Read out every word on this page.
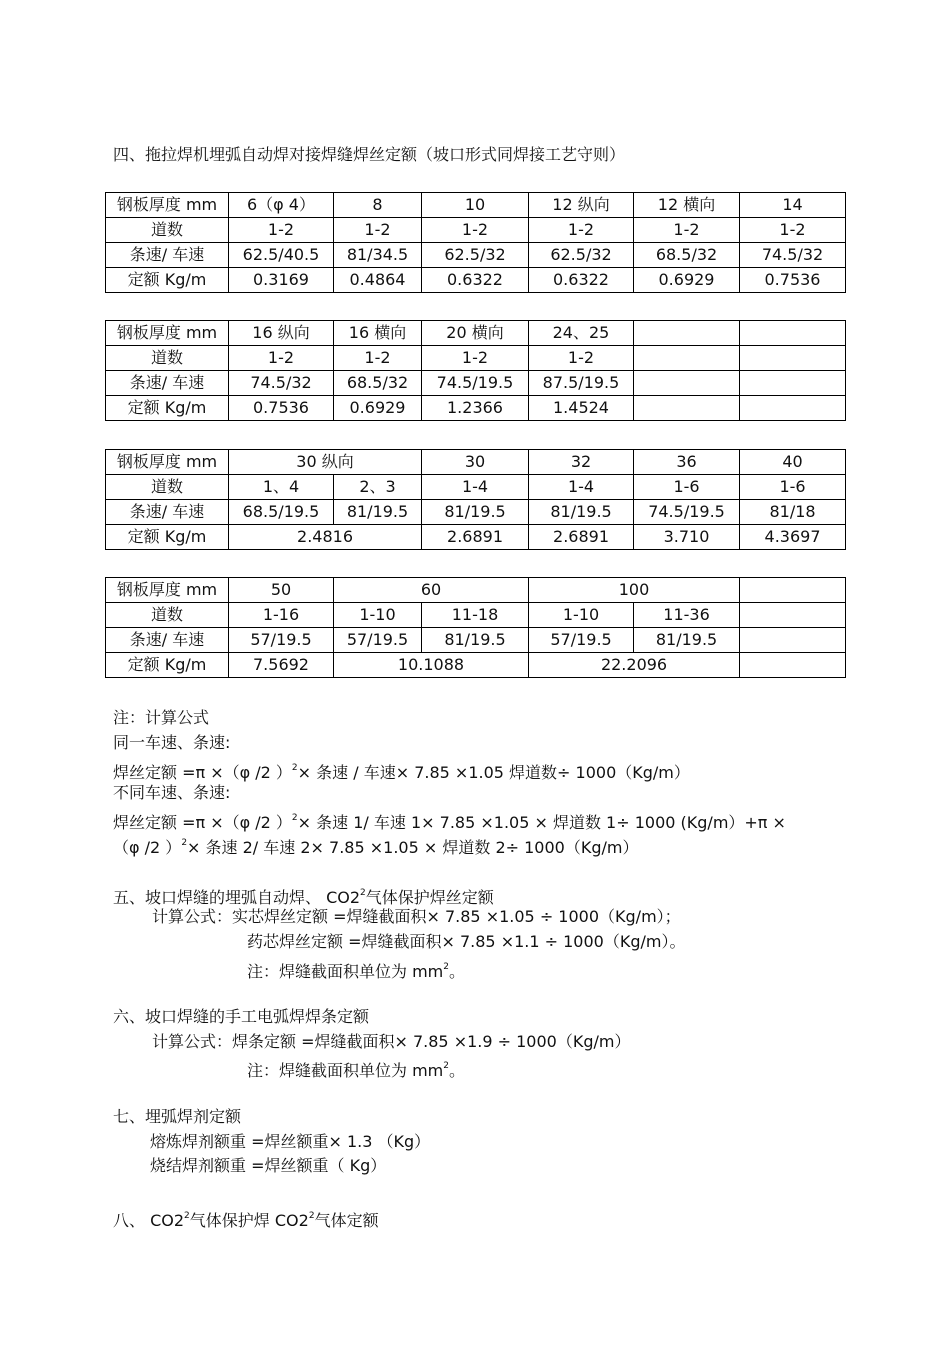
四、拖拉焊机埋弧自动焊对接焊缝焊丝定额（坡口形式同焊接工艺守则）
钢板厚度 mm	6（φ 4）	8	10	12 纵向	12 横向	14
道数	1-2	1-2	1-2	1-2	1-2	1-2
条速/ 车速	62.5/40.5	81/34.5	62.5/32	62.5/32	68.5/32	74.5/32
定额 Kg/m	0.3169	0.4864	0.6322	0.6322	0.6929	0.7536
钢板厚度 mm	16 纵向	16 横向	20 横向	24、25		
道数	1-2	1-2	1-2	1-2		
条速/ 车速	74.5/32	68.5/32	74.5/19.5	87.5/19.5		
定额 Kg/m	0.7536	0.6929	1.2366	1.4524		
钢板厚度 mm	30 纵向		30	32	36	40
道数	1、4	2、3	1-4	1-4	1-6	1-6
条速/ 车速	68.5/19.5	81/19.5	81/19.5	81/19.5	74.5/19.5	81/18
定额 Kg/m	2.4816		2.6891	2.6891	3.710	4.3697
钢板厚度 mm	50	60		100		
道数	1-16	1-10	11-18	1-10	11-36	
条速/ 车速	57/19.5	57/19.5	81/19.5	57/19.5	81/19.5	
定额 Kg/m	7.5692	10.1088		22.2096		
注：计算公式
同一车速、条速:
焊丝定额 =π ×（φ /2 ）$^2$× 条速 / 车速× 7.85 ×1.05 焊道数÷ 1000（Kg/m）
不同车速、条速:
焊丝定额 =π ×（φ /2 ）$^2$× 条速 1/ 车速 1× 7.85 ×1.05 × 焊道数 1÷ 1000 (Kg/m）+π ×
（φ /2 ）$^2$× 条速 2/ 车速 2× 7.85 ×1.05 × 焊道数 2÷ 1000（Kg/m）
五、坡口焊缝的埋弧自动焊、 $CO2^2$气体保护焊丝定额
计算公式：实芯焊丝定额 =焊缝截面积× 7.85 ×1.05 ÷ 1000（Kg/m）；
药芯焊丝定额 =焊缝截面积× 7.85 ×1.1 ÷ 1000（Kg/m）。
注：焊缝截面积单位为 $mm^2$。
六、坡口焊缝的手工电弧焊焊条定额
计算公式：焊条定额 =焊缝截面积× 7.85 ×1.9 ÷ 1000（Kg/m）
注：焊缝截面积单位为 $mm^2$。
七、埋弧焊剂定额
熔炼焊剂额重 =焊丝额重× 1.3 （Kg）
烧结焊剂额重 =焊丝额重（ Kg）
八、 $CO2^2$气体保护焊 $CO2^2$气体定额
